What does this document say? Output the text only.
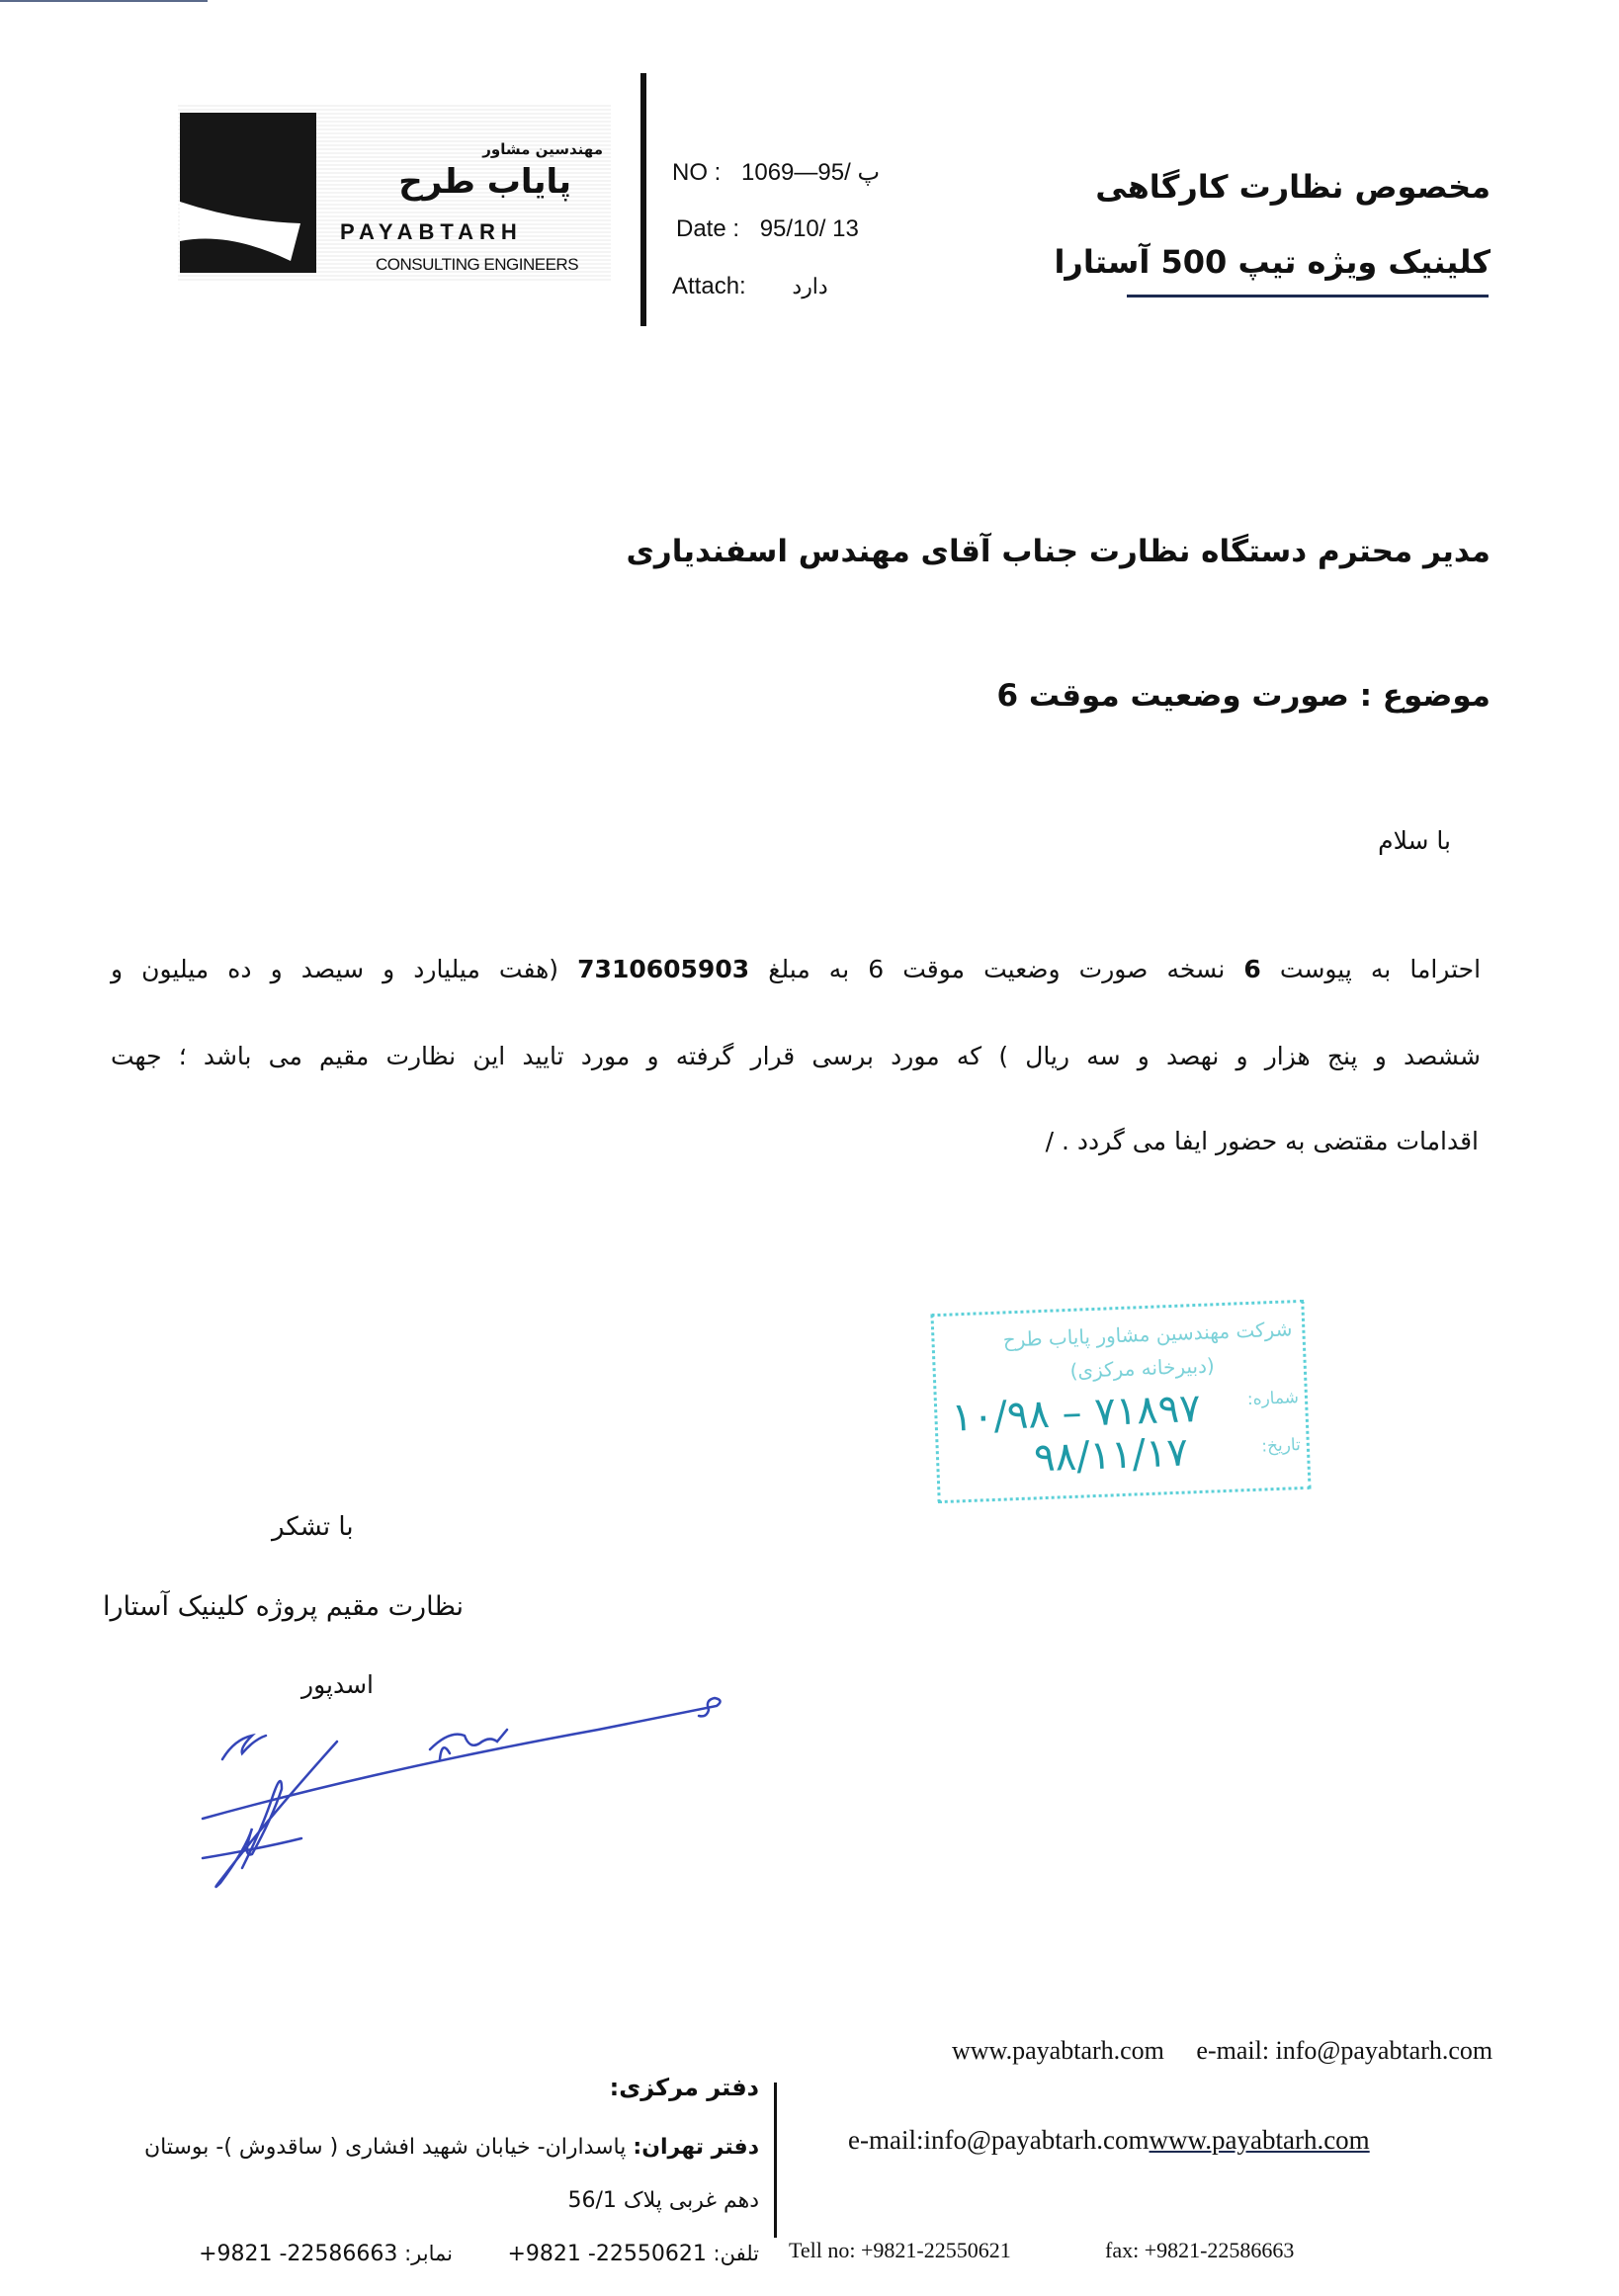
مهندسین مشاور
پایاب طرح
PAYABTARH
CONSULTING ENGINEERS
NO : پ /95—1069
Date : 95/10/ 13
Attach: دارد
مخصوص نظارت کارگاهی
کلینیک ویژه تیپ 500 آستارا
مدیر محترم دستگاه نظارت جناب آقای مهندس اسفندیاری
موضوع : صورت وضعیت موقت 6
با سلام
احتراما به پیوست 6 نسخه صورت وضعیت موقت 6 به مبلغ 7310605903 (هفت میلیارد و سیصد و ده میلیون و
ششصد و پنج هزار و نهصد و سه ریال ) که مورد برسی قرار گرفته و مورد تایید این نظارت مقیم می باشد ؛ جهت
اقدامات مقتضی به حضور ایفا می گردد . /
شرکت مهندسین مشاور پایاب طرح
(دبیرخانه مرکزی)
شماره:
تاریخ:
۱۰/۹۸ – ۷۱۸۹۷
۹۸/۱۱/۱۷
با تشکر
نظارت مقیم پروژه کلینیک آستارا
اسدپور
www.payabtarh.com e-mail: info@payabtarh.com
دفتر مرکزی:
دفتر تهران: پاسداران- خیابان شهید افشاری ( ساقدوش )- بوستان
دهم غربی پلاک 56/1
e-mail:info@payabtarh.comwww.payabtarh.com
تلفن: +9821 -22550621
نمابر: +9821 -22586663	Tell no: +9821-22550621	fax: +9821-22586663
